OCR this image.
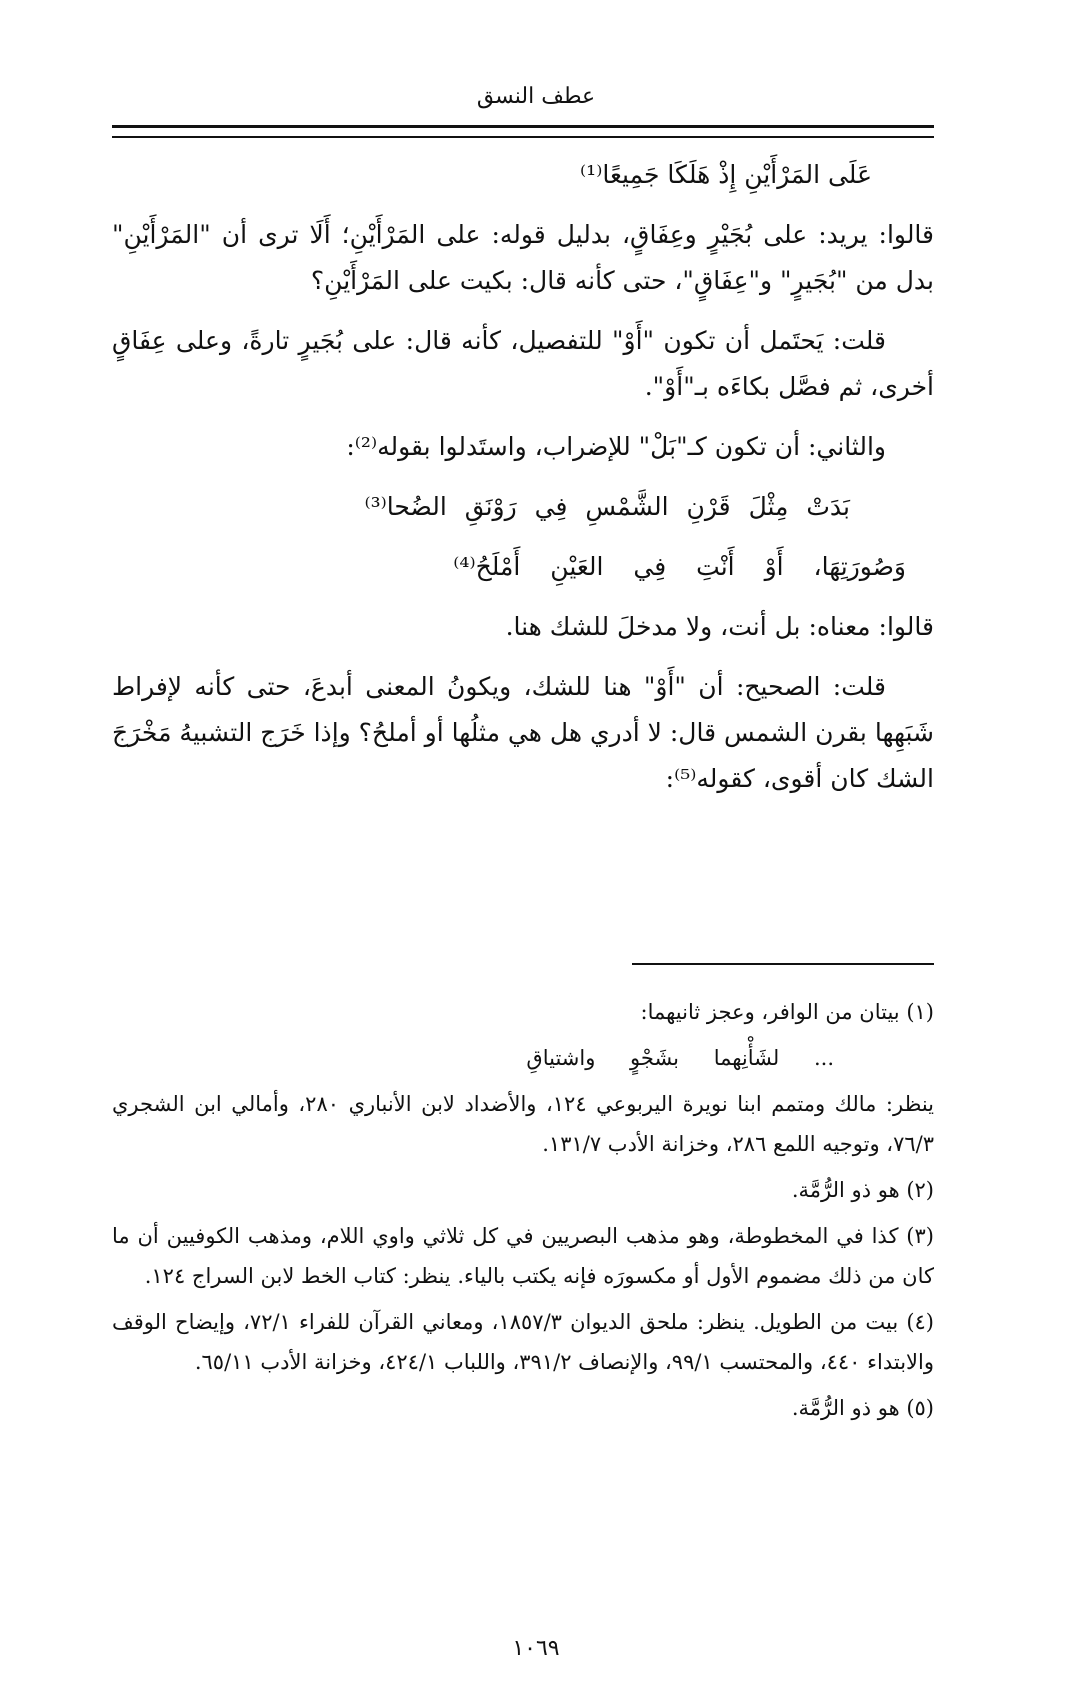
عطف النسق

عَلَى المَرْأَيْنِ إِذْ هَلَكَا جَمِيعًا⁽¹⁾

قالوا: يريد: على بُجَيْرٍ وعِفَاقٍ، بدليل قوله: على المَرْأَيْنِ؛ أَلَا ترى أن "المَرْأَيْنِ" بدل من "بُجَيرٍ" و"عِفَاقٍ"، حتى كأنه قال: بكيت على المَرْأَيْنِ؟

قلت: يَحتَمل أن تكون "أَوْ" للتفصيل، كأنه قال: على بُجَيرٍ تارةً، وعلى عِفَاقٍ أخرى، ثم فصَّل بكاءَه بـ"أَوْ".

والثاني: أن تكون كـ"بَلْ" للإضراب، واستَدلوا بقوله⁽²⁾:

بَدَتْ مِثْلَ قَرْنِ الشَّمْسِ فِي رَوْنَقِ الضُحا⁽³⁾

وَصُورَتِهَا، أَوْ أَنْتِ فِي العَيْنِ أَمْلَحُ⁽⁴⁾

قالوا: معناه: بل أنت، ولا مدخلَ للشك هنا.

قلت: الصحيح: أن "أَوْ" هنا للشك، ويكونُ المعنى أبدعَ، حتى كأنه لإفراط شَبَهِها بقرن الشمس قال: لا أدري هل هي مثلُها أو أملحُ؟ وإذا خَرَج التشبيهُ مَخْرَجَ الشك كان أقوى، كقوله⁽⁵⁾:

(١) بيتان من الوافر، وعجز ثانيهما:

... لشَأْنِهما بشَجْوٍ واشتياقِ

ينظر: مالك ومتمم ابنا نويرة اليربوعي ١٢٤، والأضداد لابن الأنباري ٢٨٠، وأمالي ابن الشجري ٧٦/٣، وتوجيه اللمع ٢٨٦، وخزانة الأدب ١٣١/٧.

(٢) هو ذو الرُّمَّة.

(٣) كذا في المخطوطة، وهو مذهب البصريين في كل ثلاثي واوي اللام، ومذهب الكوفيين أن ما كان من ذلك مضموم الأول أو مكسورَه فإنه يكتب بالياء. ينظر: كتاب الخط لابن السراج ١٢٤.

(٤) بيت من الطويل. ينظر: ملحق الديوان ١٨٥٧/٣، ومعاني القرآن للفراء ٧٢/١، وإيضاح الوقف والابتداء ٤٤٠، والمحتسب ٩٩/١، والإنصاف ٣٩١/٢، واللباب ٤٢٤/١، وخزانة الأدب ٦٥/١١.

(٥) هو ذو الرُّمَّة.

١٠٦٩
